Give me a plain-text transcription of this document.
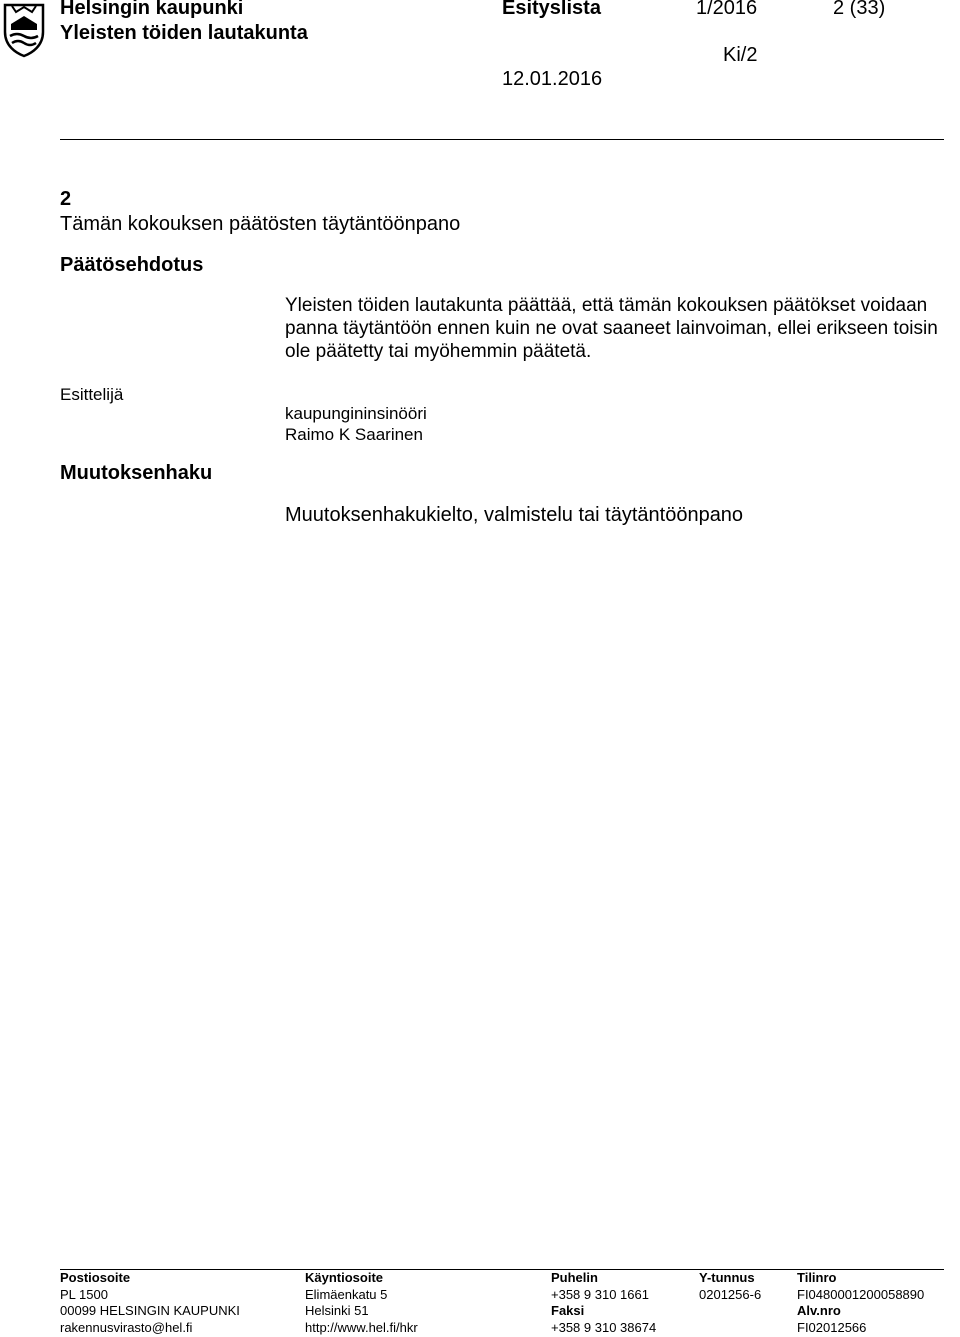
Helsingin kaupunki
Yleisten töiden lautakunta
Esityslista	1/2016	2 (33)
Ki/2
12.01.2016
2
Tämän kokouksen päätösten täytäntöönpano
Päätösehdotus
Yleisten töiden lautakunta päättää, että tämän kokouksen päätökset voidaan panna täytäntöön ennen kuin ne ovat saaneet lainvoiman, ellei erikseen toisin ole päätetty tai myöhemmin päätetä.
Esittelijä
kaupungininsinööri
Raimo K Saarinen
Muutoksenhaku
Muutoksenhakukielto, valmistelu tai täytäntöönpano
Postiosoite
PL 1500
00099 HELSINGIN KAUPUNKI
rakennusvirasto@hel.fi
Käyntiosoite
Elimäenkatu 5
Helsinki 51
http://www.hel.fi/hkr
Puhelin
+358 9 310 1661
Faksi
+358 9 310 38674
Y-tunnus
0201256-6
Tilinro
FI0480001200058890
Alv.nro
FI02012566
